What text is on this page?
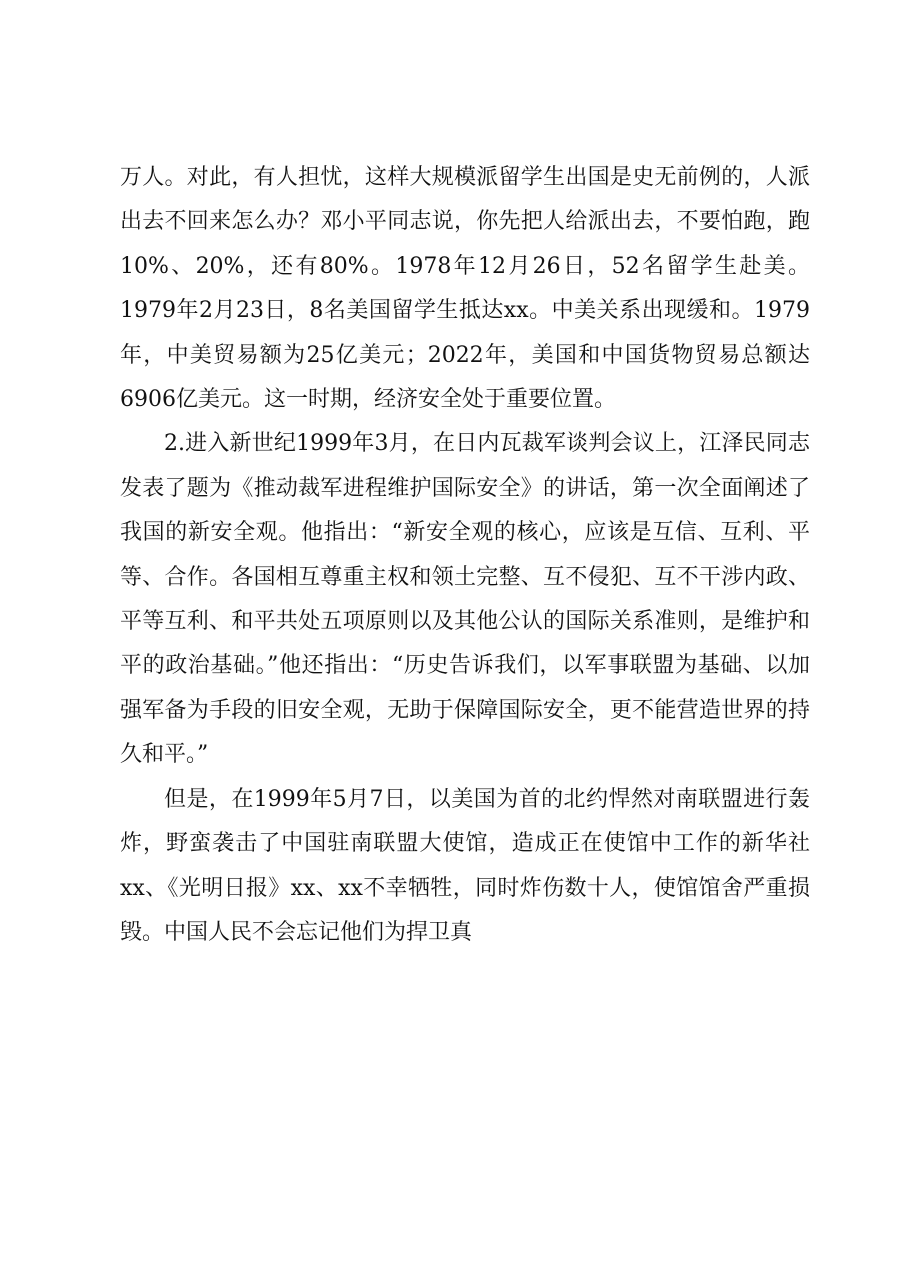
万人。对此，有人担忧，这样大规模派留学生出国是史无前例的，人派出去不回来怎么办？邓小平同志说，你先把人给派出去，不要怕跑，跑10%、20%，还有80%。1978年12月26日，52名留学生赴美。1979年2月23日，8名美国留学生抵达xx。中美关系出现缓和。1979年，中美贸易额为25亿美元；2022年，美国和中国货物贸易总额达6906亿美元。这一时期，经济安全处于重要位置。

2.进入新世纪1999年3月，在日内瓦裁军谈判会议上，江泽民同志发表了题为《推动裁军进程维护国际安全》的讲话，第一次全面阐述了我国的新安全观。他指出：“新安全观的核心，应该是互信、互利、平等、合作。各国相互尊重主权和领土完整、互不侵犯、互不干涉内政、平等互利、和平共处五项原则以及其他公认的国际关系准则，是维护和平的政治基础。”他还指出：“历史告诉我们，以军事联盟为基础、以加强军备为手段的旧安全观，无助于保障国际安全，更不能营造世界的持久和平。”

但是，在1999年5月7日，以美国为首的北约悍然对南联盟进行轰炸，野蛮袭击了中国驻南联盟大使馆，造成正在使馆中工作的新华社xx、《光明日报》xx、xx不幸牺牲，同时炸伤数十人，使馆馆舍严重损毁。中国人民不会忘记他们为捍卫真
